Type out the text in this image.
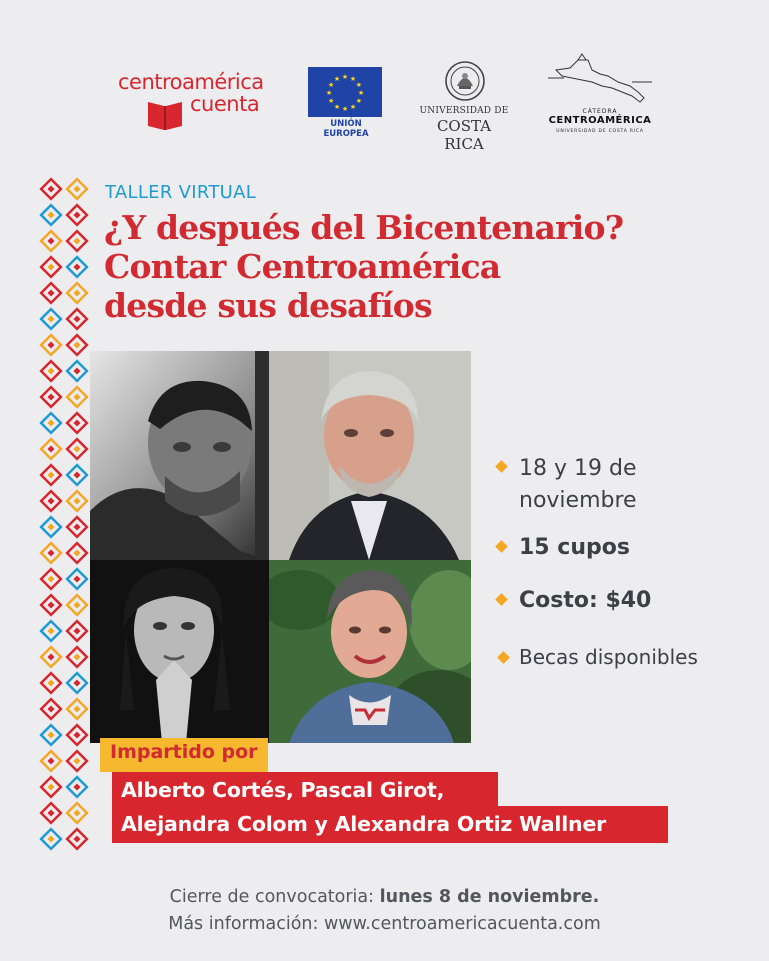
centroamérica
cuenta
★ ★
★
★
★
★
★
★
★
★
★
★
UNIÓN EUROPEA
UNIVERSIDAD DE
COSTA RICA
CÁTEDRA
CENTROAMÉRICA
UNIVERSIDAD DE COSTA RICA
TALLER VIRTUAL
¿Y después del Bicentenario?
Contar Centroamérica
desde sus desafíos
18 y 19 de
noviembre
15 cupos
Costo: $40
Becas disponibles
Impartido por
Alberto Cortés, Pascal Girot,
Alejandra Colom y Alexandra Ortiz Wallner
Cierre de convocatoria: lunes 8 de noviembre.
Más información: www.centroamericacuenta.com
